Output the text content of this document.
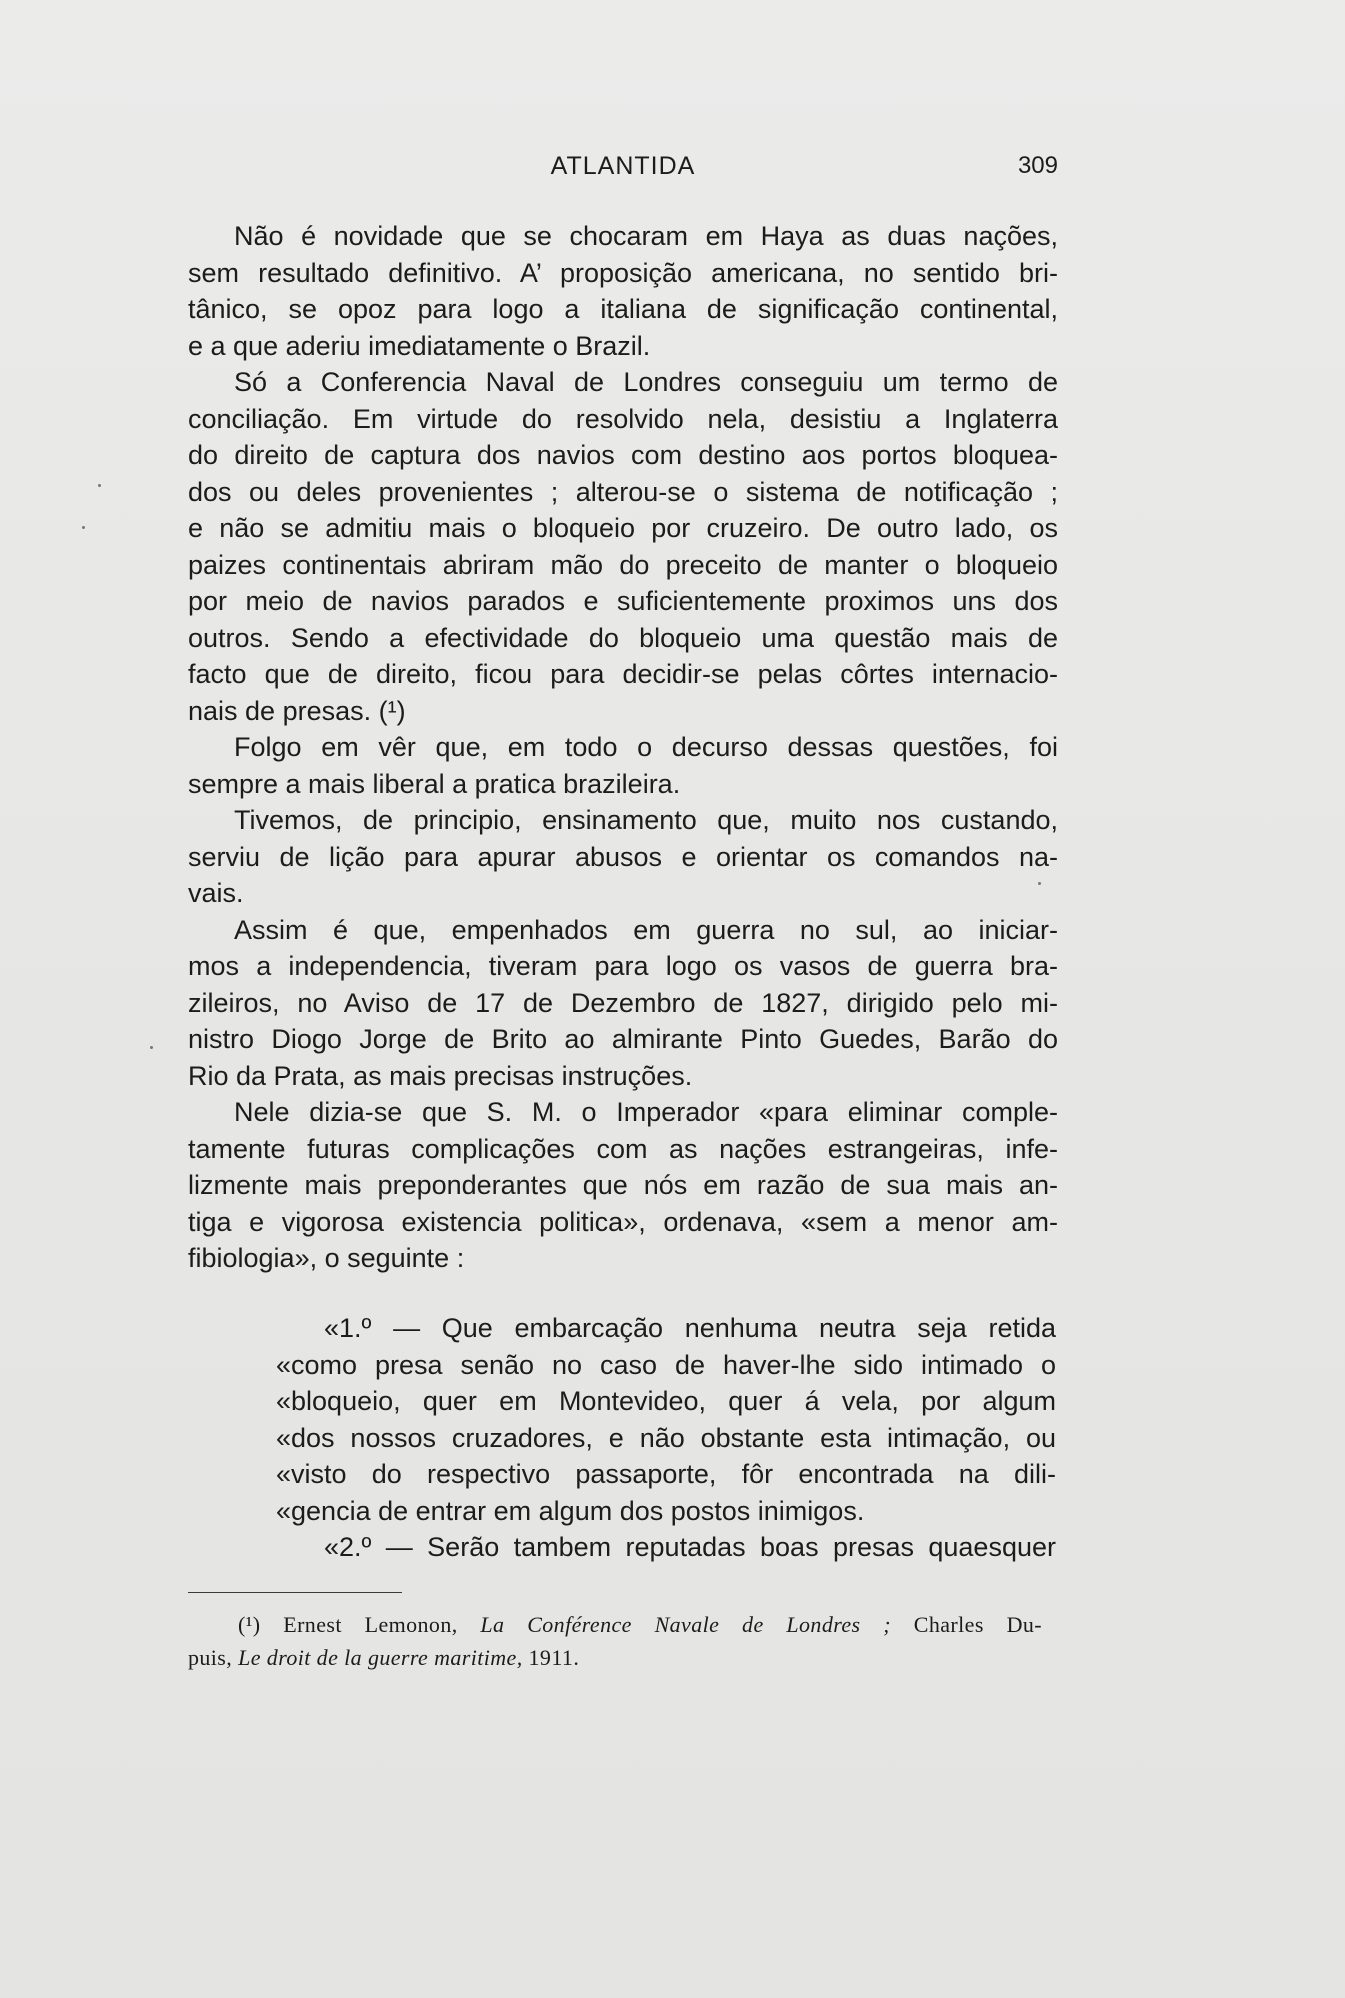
ATLANTIDA	309
Não é novidade que se chocaram em Haya as duas nações,
sem resultado definitivo. A’ proposição americana, no sentido bri-
tânico, se opoz para logo a italiana de significação continental,
e a que aderiu imediatamente o Brazil.
Só a Conferencia Naval de Londres conseguiu um termo de
conciliação. Em virtude do resolvido nela, desistiu a Inglaterra
do direito de captura dos navios com destino aos portos bloquea-
dos ou deles provenientes ; alterou-se o sistema de notificação ;
e não se admitiu mais o bloqueio por cruzeiro. De outro lado, os
paizes continentais abriram mão do preceito de manter o bloqueio
por meio de navios parados e suficientemente proximos uns dos
outros. Sendo a efectividade do bloqueio uma questão mais de
facto que de direito, ficou para decidir-se pelas côrtes internacio-
nais de presas. (¹)
Folgo em vêr que, em todo o decurso dessas questões, foi
sempre a mais liberal a pratica brazileira.
Tivemos, de principio, ensinamento que, muito nos custando,
serviu de lição para apurar abusos e orientar os comandos na-
vais.
Assim é que, empenhados em guerra no sul, ao iniciar-
mos a independencia, tiveram para logo os vasos de guerra bra-
zileiros, no Aviso de 17 de Dezembro de 1827, dirigido pelo mi-
nistro Diogo Jorge de Brito ao almirante Pinto Guedes, Barão do
Rio da Prata, as mais precisas instruções.
Nele dizia-se que S. M. o Imperador «para eliminar comple-
tamente futuras complicações com as nações estrangeiras, infe-
lizmente mais preponderantes que nós em razão de sua mais an-
tiga e vigorosa existencia politica», ordenava, «sem a menor am-
fibiologia», o seguinte :
«1.º — Que embarcação nenhuma neutra seja retida
«como presa senão no caso de haver-lhe sido intimado o
«bloqueio, quer em Montevideo, quer á vela, por algum
«dos nossos cruzadores, e não obstante esta intimação, ou
«visto do respectivo passaporte, fôr encontrada na dili-
«gencia de entrar em algum dos postos inimigos.
«2.º — Serão tambem reputadas boas presas quaesquer
(¹) Ernest Lemonon, La Conférence Navale de Londres ; Charles Du-
puis, Le droit de la guerre maritime, 1911.
